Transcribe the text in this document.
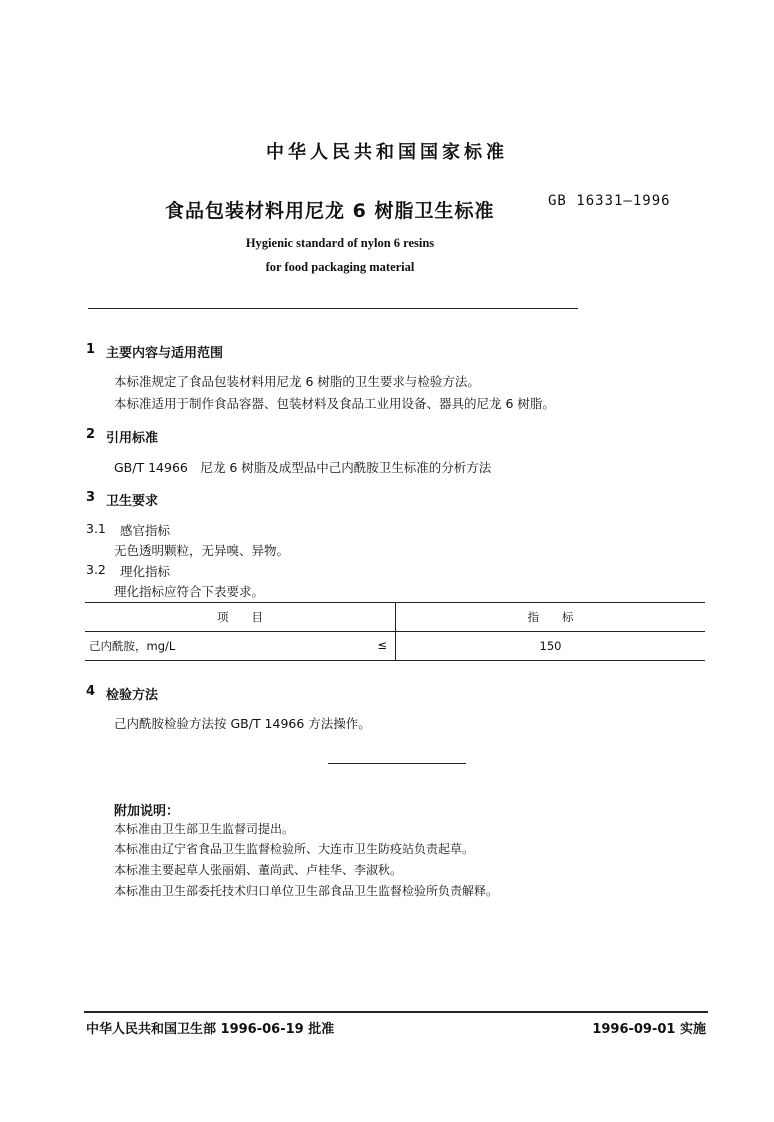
中华人民共和国国家标准
食品包装材料用尼龙 6 树脂卫生标准	GB 16331—1996
Hygienic standard of nylon 6 resins
for food packaging material
1 主要内容与适用范围
本标准规定了食品包装材料用尼龙 6 树脂的卫生要求与检验方法。
本标准适用于制作食品容器、包装材料及食品工业用设备、器具的尼龙 6 树脂。
2 引用标准
GB/T 14966　尼龙 6 树脂及成型品中己内酰胺卫生标准的分析方法
3 卫生要求
3.1 感官指标
无色透明颗粒，无异嗅、异物。
3.2 理化指标
理化指标应符合下表要求。
项　　目	指　　标

己内酰胺，mg/L ≤	150
4 检验方法
己内酰胺检验方法按 GB/T 14966 方法操作。
附加说明：
本标准由卫生部卫生监督司提出。
本标准由辽宁省食品卫生监督检验所、大连市卫生防疫站负责起草。
本标准主要起草人张丽娟、董尚武、卢桂华、李淑秋。
本标准由卫生部委托技术归口单位卫生部食品卫生监督检验所负责解释。
中华人民共和国卫生部 1996-06-19 批准	1996-09-01 实施
